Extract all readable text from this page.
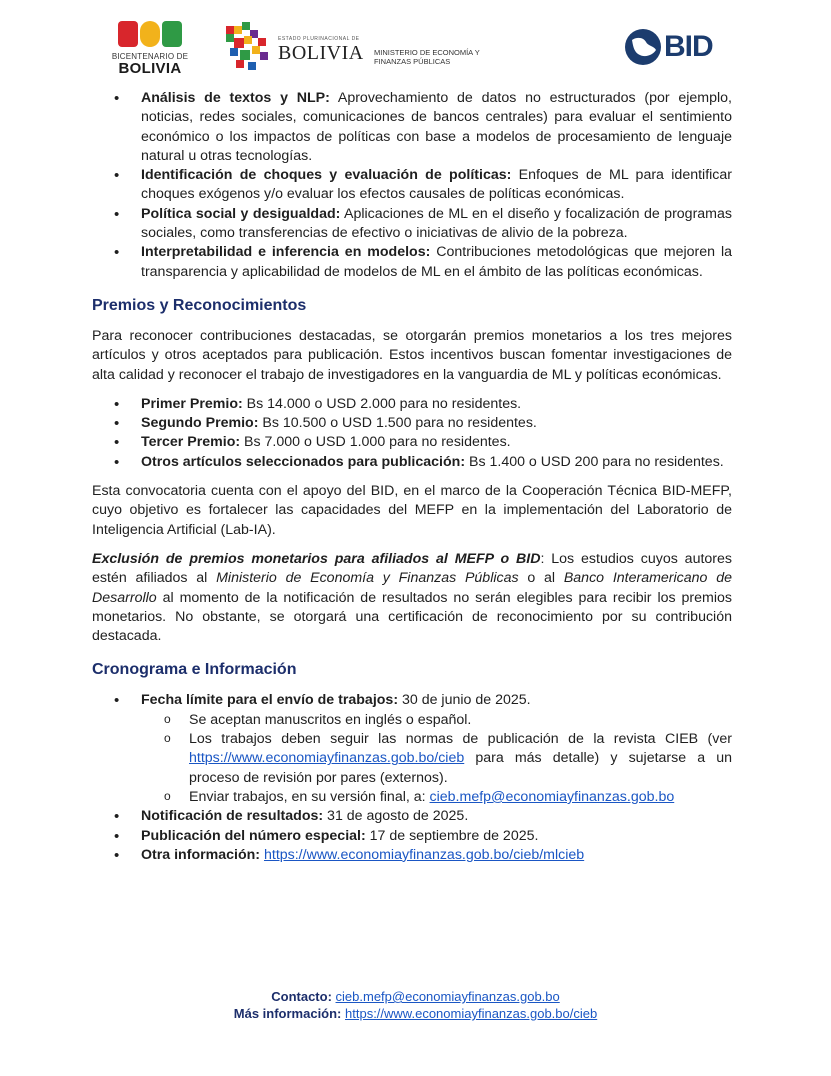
BICENTENARIO DE
BOLIVIA
ESTADO PLURINACIONAL DE
BOLIVIA MINISTERIO DE ECONOMÍA Y FINANZAS PÚBLICAS	BID
• Análisis de textos y NLP: Aprovechamiento de datos no estructurados (por ejemplo, noticias, redes sociales, comunicaciones de bancos centrales) para evaluar el sentimiento económico o los impactos de políticas con base a modelos de procesamiento de lenguaje natural u otras tecnologías.
• Identificación de choques y evaluación de políticas: Enfoques de ML para identificar choques exógenos y/o evaluar los efectos causales de políticas económicas.
• Política social y desigualdad: Aplicaciones de ML en el diseño y focalización de programas sociales, como transferencias de efectivo o iniciativas de alivio de la pobreza.
• Interpretabilidad e inferencia en modelos: Contribuciones metodológicas que mejoren la transparencia y aplicabilidad de modelos de ML en el ámbito de las políticas económicas.
Premios y Reconocimientos

Para reconocer contribuciones destacadas, se otorgarán premios monetarios a los tres mejores artículos y otros aceptados para publicación. Estos incentivos buscan fomentar investigaciones de alta calidad y reconocer el trabajo de investigadores en la vanguardia de ML y políticas económicas.

• Primer Premio: Bs 14.000 o USD 2.000 para no residentes.
• Segundo Premio: Bs 10.500 o USD 1.500 para no residentes.
• Tercer Premio: Bs 7.000 o USD 1.000 para no residentes.
• Otros artículos seleccionados para publicación: Bs 1.400 o USD 200 para no residentes.

Esta convocatoria cuenta con el apoyo del BID, en el marco de la Cooperación Técnica BID-MEFP, cuyo objetivo es fortalecer las capacidades del MEFP en la implementación del Laboratorio de Inteligencia Artificial (Lab-IA).

Exclusión de premios monetarios para afiliados al MEFP o BID: Los estudios cuyos autores estén afiliados al Ministerio de Economía y Finanzas Públicas o al Banco Interamericano de Desarrollo al momento de la notificación de resultados no serán elegibles para recibir los premios monetarios. No obstante, se otorgará una certificación de reconocimiento por su contribución destacada.

Cronograma e Información
• Fecha límite para el envío de trabajos: 30 de junio de 2025.
o Se aceptan manuscritos en inglés o español.
o Los trabajos deben seguir las normas de publicación de la revista CIEB (ver https://www.economiayfinanzas.gob.bo/cieb para más detalle) y sujetarse a un proceso de revisión por pares (externos).
o Enviar trabajos, en su versión final, a: cieb.mefp@economiayfinanzas.gob.bo
• Notificación de resultados: 31 de agosto de 2025.
• Publicación del número especial: 17 de septiembre de 2025.
• Otra información: https://www.economiayfinanzas.gob.bo/cieb/mlcieb
Contacto: cieb.mefp@economiayfinanzas.gob.bo
Más información: https://www.economiayfinanzas.gob.bo/cieb
